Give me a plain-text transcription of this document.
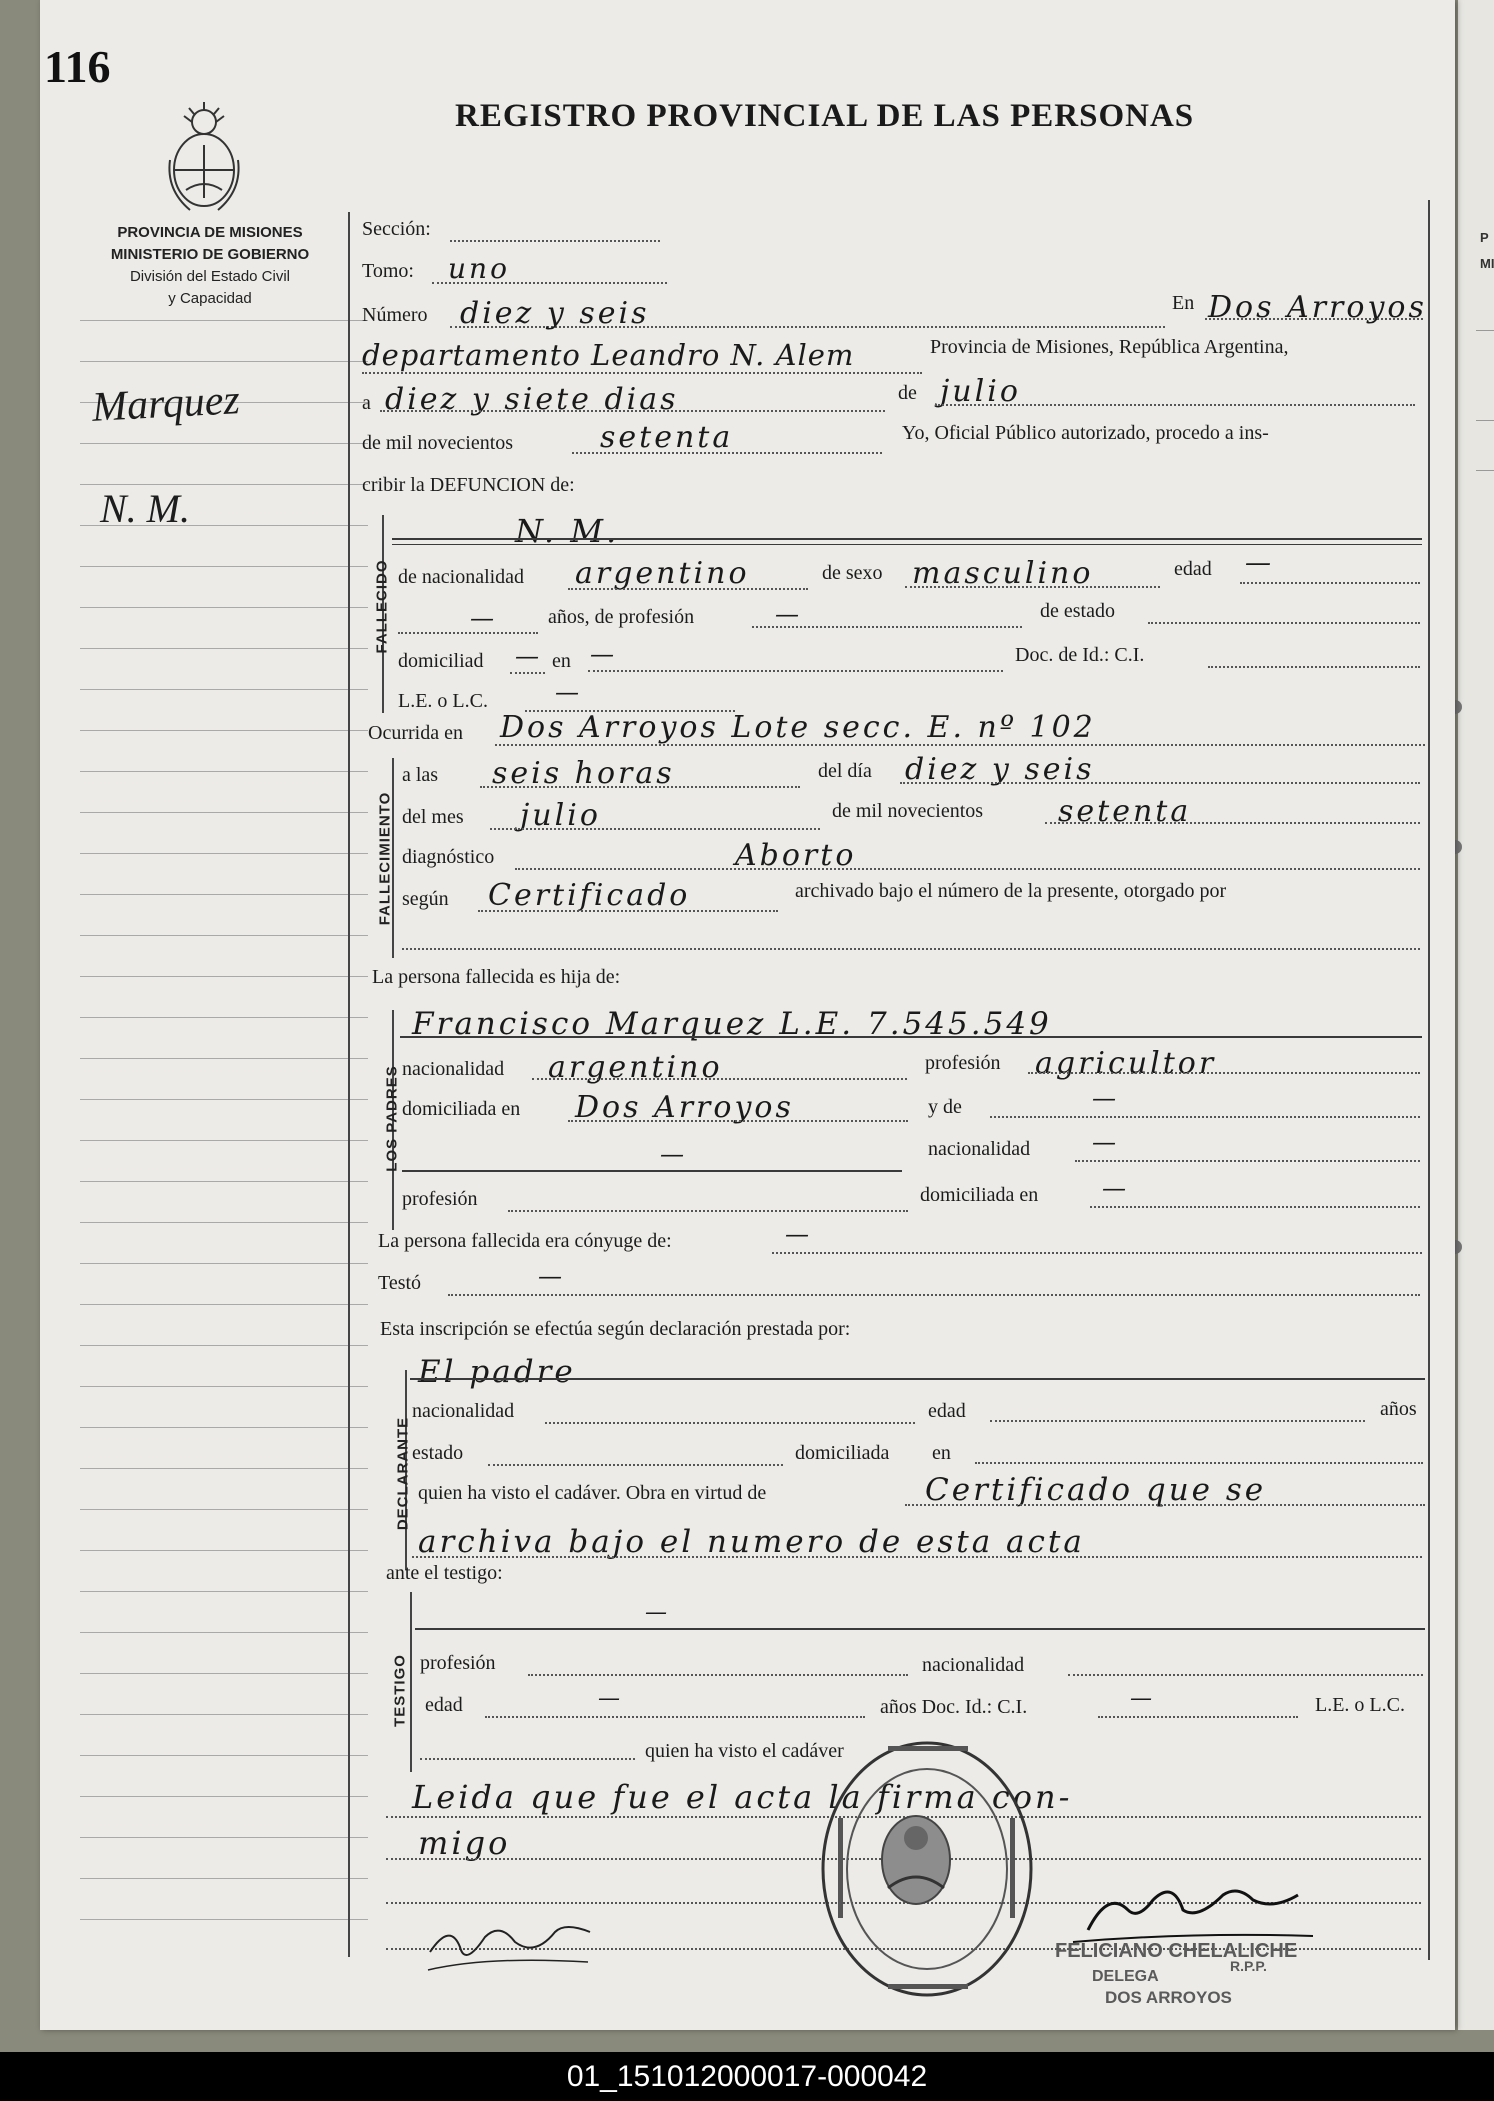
P
MI
116
REGISTRO PROVINCIAL DE LAS PERSONAS
PROVINCIA DE MISIONES
MINISTERIO DE GOBIERNO
División del Estado Civil
y Capacidad
Marquez
N. M.
FALLECIDO
FALLECIMIENTO
LOS PADRES
DECLARANTE
TESTIGO
Sección:
Tomo: uno
Número diez y seis	En Dos Arroyos
departamento Leandro N. Alem	Provincia de Misiones, República Argentina,
a diez y siete dias	de julio
de mil novecientos	setenta	Yo, Oficial Público autorizado, procedo a ins-
cribir la DEFUNCION de:
N. M.
de nacionalidad argentino	de sexo masculino	edad —
—	años, de profesión	—	de estado
domiciliad — en —	Doc. de Id.: C.I.
L.E. o L.C.	—
Ocurrida en Dos Arroyos Lote secc. E. nº 102
a las seis horas	del día diez y seis
del mes julio	de mil novecientos setenta
diagnóstico	Aborto
según Certificado	archivado bajo el número de la presente, otorgado por
La persona fallecida es hija de:
Francisco Marquez L.E. 7.545.549
nacionalidad argentino	profesión agricultor
domiciliada en Dos Arroyos	y de	—
—	nacionalidad	—
profesión	domiciliada en	—
La persona fallecida era cónyuge de:	—
Testó	—
Esta inscripción se efectúa según declaración prestada por:
El padre
nacionalidad	edad	años
estado	domiciliada en
quien ha visto el cadáver. Obra en virtud de	Certificado que se
archiva bajo el numero de esta acta
ante el testigo:
—
profesión	nacionalidad
edad	—	años Doc. Id.: C.I.	—	L.E. o L.C.
quien ha visto el cadáver
Leida que fue el acta la firma con-
migo
FELICIANO CHELALICHE
DELEGA
R.P.P.
DOS ARROYOS
01_151012000017-000042
